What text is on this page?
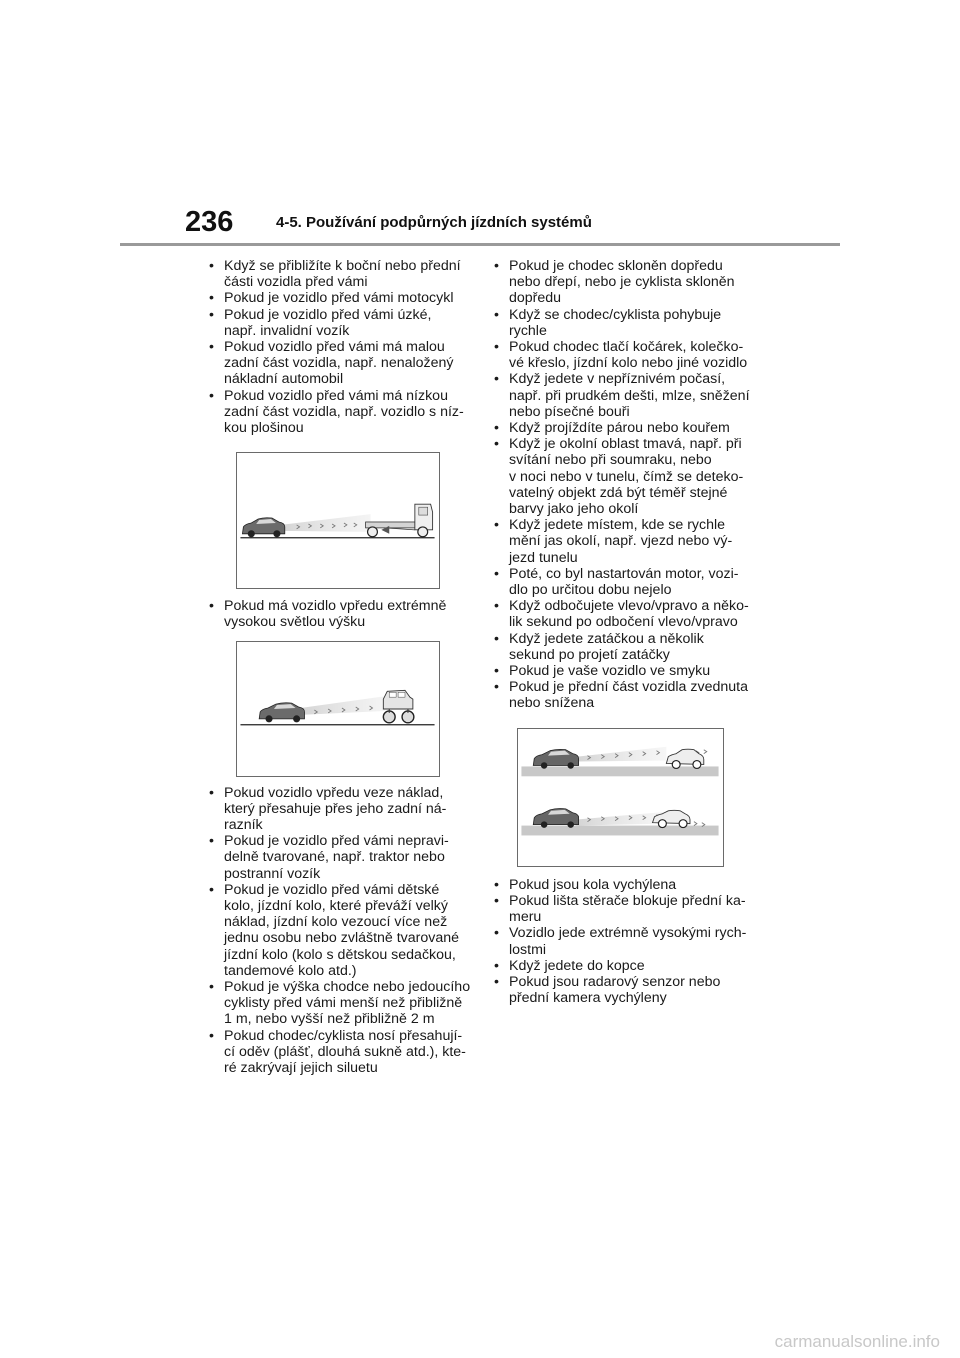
236	4-5. Používání podpůrných jízdních systémů
• Když se přibližíte k boční nebo přední
části vozidla před vámi
• Pokud je vozidlo před vámi motocykl
• Pokud je vozidlo před vámi úzké,
např. invalidní vozík
• Pokud vozidlo před vámi má malou
zadní část vozidla, např. nenaložený
nákladní automobil
• Pokud vozidlo před vámi má nízkou
zadní část vozidla, např. vozidlo s níz-
kou plošinou
• Pokud má vozidlo vpředu extrémně
vysokou světlou výšku
• Pokud vozidlo vpředu veze náklad,
který přesahuje přes jeho zadní ná-
razník
• Pokud je vozidlo před vámi nepravi-
delně tvarované, např. traktor nebo
postranní vozík
• Pokud je vozidlo před vámi dětské
kolo, jízdní kolo, které převáží velký
náklad, jízdní kolo vezoucí více než
jednu osobu nebo zvláštně tvarované
jízdní kolo (kolo s dětskou sedačkou,
tandemové kolo atd.)
• Pokud je výška chodce nebo jedoucího
cyklisty před vámi menší než přibližně
1 m, nebo vyšší než přibližně 2 m
• Pokud chodec/cyklista nosí přesahují-
cí oděv (plášť, dlouhá sukně atd.), kte-
ré zakrývají jejich siluetu
• Pokud je chodec skloněn dopředu
nebo dřepí, nebo je cyklista skloněn
dopředu
• Když se chodec/cyklista pohybuje
rychle
• Pokud chodec tlačí kočárek, kolečko-
vé křeslo, jízdní kolo nebo jiné vozidlo
• Když jedete v nepříznivém počasí,
např. při prudkém dešti, mlze, sněžení
nebo písečné bouři
• Když projíždíte párou nebo kouřem
• Když je okolní oblast tmavá, např. při
svítání nebo při soumraku, nebo
v noci nebo v tunelu, čímž se deteko-
vatelný objekt zdá být téměř stejné
barvy jako jeho okolí
• Když jedete místem, kde se rychle
mění jas okolí, např. vjezd nebo vý-
jezd tunelu
• Poté, co byl nastartován motor, vozi-
dlo po určitou dobu nejelo
• Když odbočujete vlevo/vpravo a něko-
lik sekund po odbočení vlevo/vpravo
• Když jedete zatáčkou a několik
sekund po projetí zatáčky
• Pokud je vaše vozidlo ve smyku
• Pokud je přední část vozidla zvednuta
nebo snížena
• Pokud jsou kola vychýlena
• Pokud lišta stěrače blokuje přední ka-
meru
• Vozidlo jede extrémně vysokými rych-
lostmi
• Když jedete do kopce
• Pokud jsou radarový senzor nebo
přední kamera vychýleny
carmanualsonline.info
